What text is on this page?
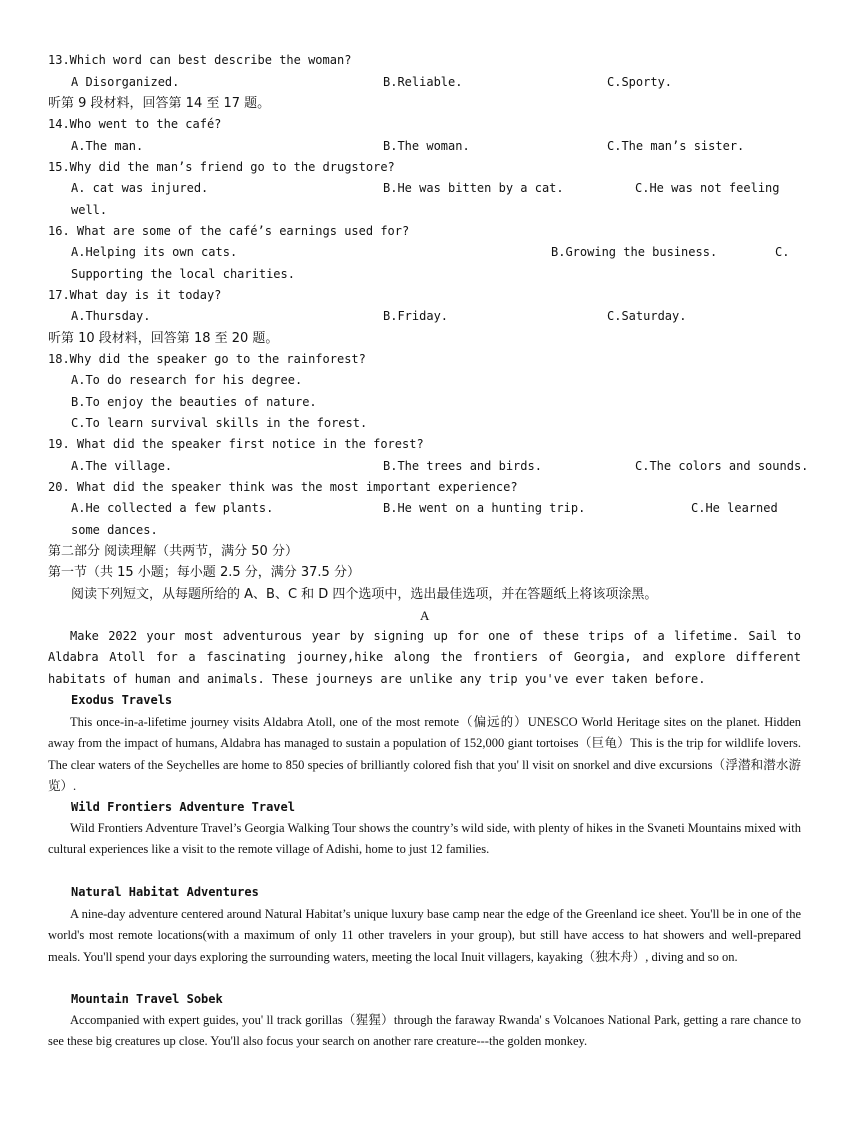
13.Which word can best describe the woman?
A Disorganized.	B.Reliable.	C.Sporty.
听第 9 段材料，回答第 14 至 17 题。
14.Who went to the café?
A.The man.	B.The woman.	C.The man’s sister.
15.Why did the man’s friend go to the drugstore?
A. cat was injured.	B.He was bitten by a cat.	C.He was not feeling
well.
16. What are some of the café’s earnings used for?
A.Helping its own cats.	B.Growing the business.	C.
Supporting the local charities.
17.What day is it today?
A.Thursday.	B.Friday.	C.Saturday.
听第 10 段材料，回答第 18 至 20 题。
18.Why did the speaker go to the rainforest?
A.To do research for his degree.
B.To enjoy the beauties of nature.
C.To learn survival skills in the forest.
19. What did the speaker first notice in the forest?
A.The village.	B.The trees and birds.	C.The colors and sounds.
20. What did the speaker think was the most important experience?
A.He collected a few plants.	B.He went on a hunting trip.	C.He learned
some dances.
第二部分 阅读理解（共两节，满分 50 分）
第一节（共 15 小题；每小题 2.5 分，满分 37.5 分）
阅读下列短文，从每题所给的 A、B、C 和 D 四个选项中，选出最佳选项，并在答题纸上将该项涂黑。
A
Make 2022 your most adventurous year by signing up for one of these trips of a lifetime. Sail to Aldabra Atoll for a fascinating journey,hike along the frontiers of Georgia, and explore different habitats of human and animals. These journeys are unlike any trip you've ever taken before.
Exodus Travels
This once-in-a-lifetime journey visits Aldabra Atoll, one of the most remote（偏远的）UNESCO World Heritage sites on the planet. Hidden away from the impact of humans, Aldabra has managed to sustain a population of 152,000 giant tortoises（巨龟）This is the trip for wildlife lovers. The clear waters of the Seychelles are home to 850 species of brilliantly colored fish that you' ll visit on snorkel and dive excursions（浮潜和潜水游览）.
Wild Frontiers Adventure Travel
Wild Frontiers Adventure Travel’s Georgia Walking Tour shows the country’s wild side, with plenty of hikes in the Svaneti Mountains mixed with cultural experiences like a visit to the remote village of Adishi, home to just 12 families.
Natural Habitat Adventures
A nine-day adventure centered around Natural Habitat’s unique luxury base camp near the edge of the Greenland ice sheet. You'll be in one of the world's most remote locations(with a maximum of only 11 other travelers in your group), but still have access to hat showers and well-prepared meals. You'll spend your days exploring the surrounding waters, meeting the local Inuit villagers, kayaking（独木舟）, diving and so on.
Mountain Travel Sobek
Accompanied with expert guides, you' ll track gorillas（猩猩）through the faraway Rwanda' s Volcanoes National Park, getting a rare chance to see these big creatures up close. You'll also focus your search on another rare creature---the golden monkey.
